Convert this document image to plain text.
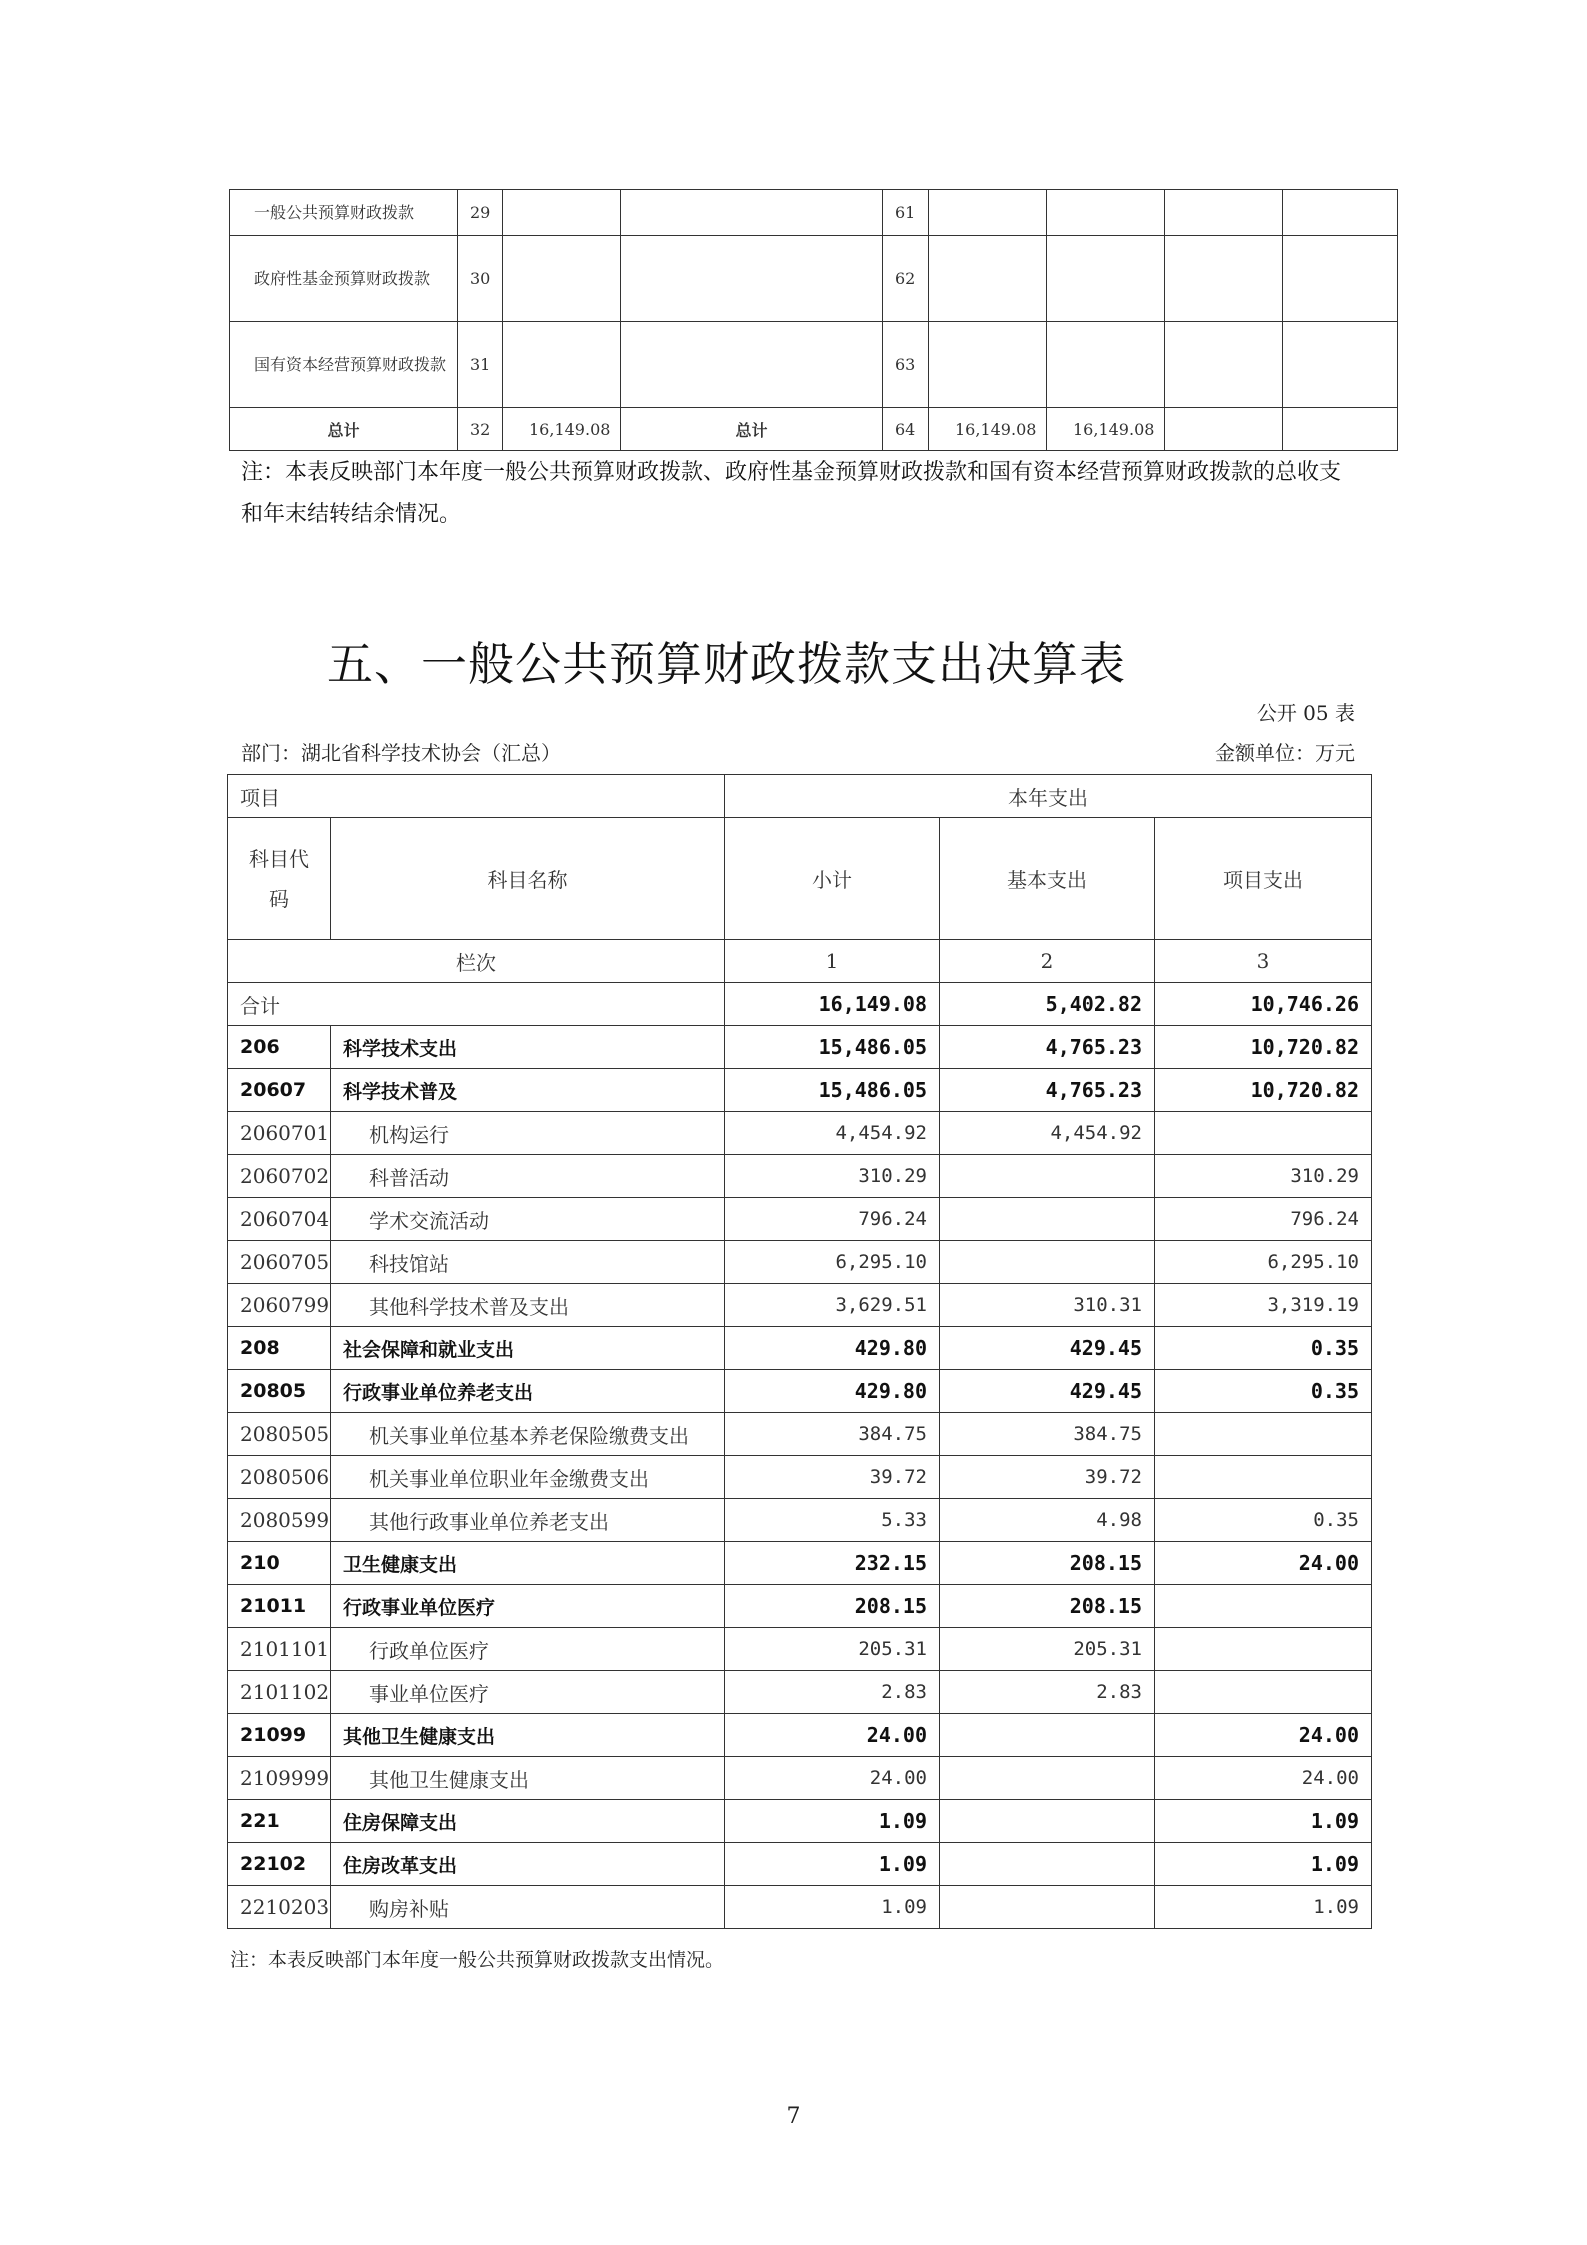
一般公共预算财政拨款	29			61				
政府性基金预算财政拨款	30			62				
国有资本经营预算财政拨款	31			63				
总计	32	16,149.08	总计	64	16,149.08	16,149.08		
注：本表反映部门本年度一般公共预算财政拨款、政府性基金预算财政拨款和国有资本经营预算财政拨款的总收支和年末结转结余情况。
五、一般公共预算财政拨款支出决算表
公开 05 表
部门：湖北省科学技术协会（汇总）	金额单位：万元
项目		本年支出		
科目代码	科目名称	小计	基本支出	项目支出
栏次		1	2	3
合计		16,149.08	5,402.82	10,746.26
206	科学技术支出	15,486.05	4,765.23	10,720.82
20607	科学技术普及	15,486.05	4,765.23	10,720.82
2060701	机构运行	4,454.92	4,454.92	
2060702	科普活动	310.29		310.29
2060704	学术交流活动	796.24		796.24
2060705	科技馆站	6,295.10		6,295.10
2060799	其他科学技术普及支出	3,629.51	310.31	3,319.19
208	社会保障和就业支出	429.80	429.45	0.35
20805	行政事业单位养老支出	429.80	429.45	0.35
2080505	机关事业单位基本养老保险缴费支出	384.75	384.75	
2080506	机关事业单位职业年金缴费支出	39.72	39.72	
2080599	其他行政事业单位养老支出	5.33	4.98	0.35
210	卫生健康支出	232.15	208.15	24.00
21011	行政事业单位医疗	208.15	208.15	
2101101	行政单位医疗	205.31	205.31	
2101102	事业单位医疗	2.83	2.83	
21099	其他卫生健康支出	24.00		24.00
2109999	其他卫生健康支出	24.00		24.00
221	住房保障支出	1.09		1.09
22102	住房改革支出	1.09		1.09
2210203	购房补贴	1.09		1.09
注：本表反映部门本年度一般公共预算财政拨款支出情况。
7
